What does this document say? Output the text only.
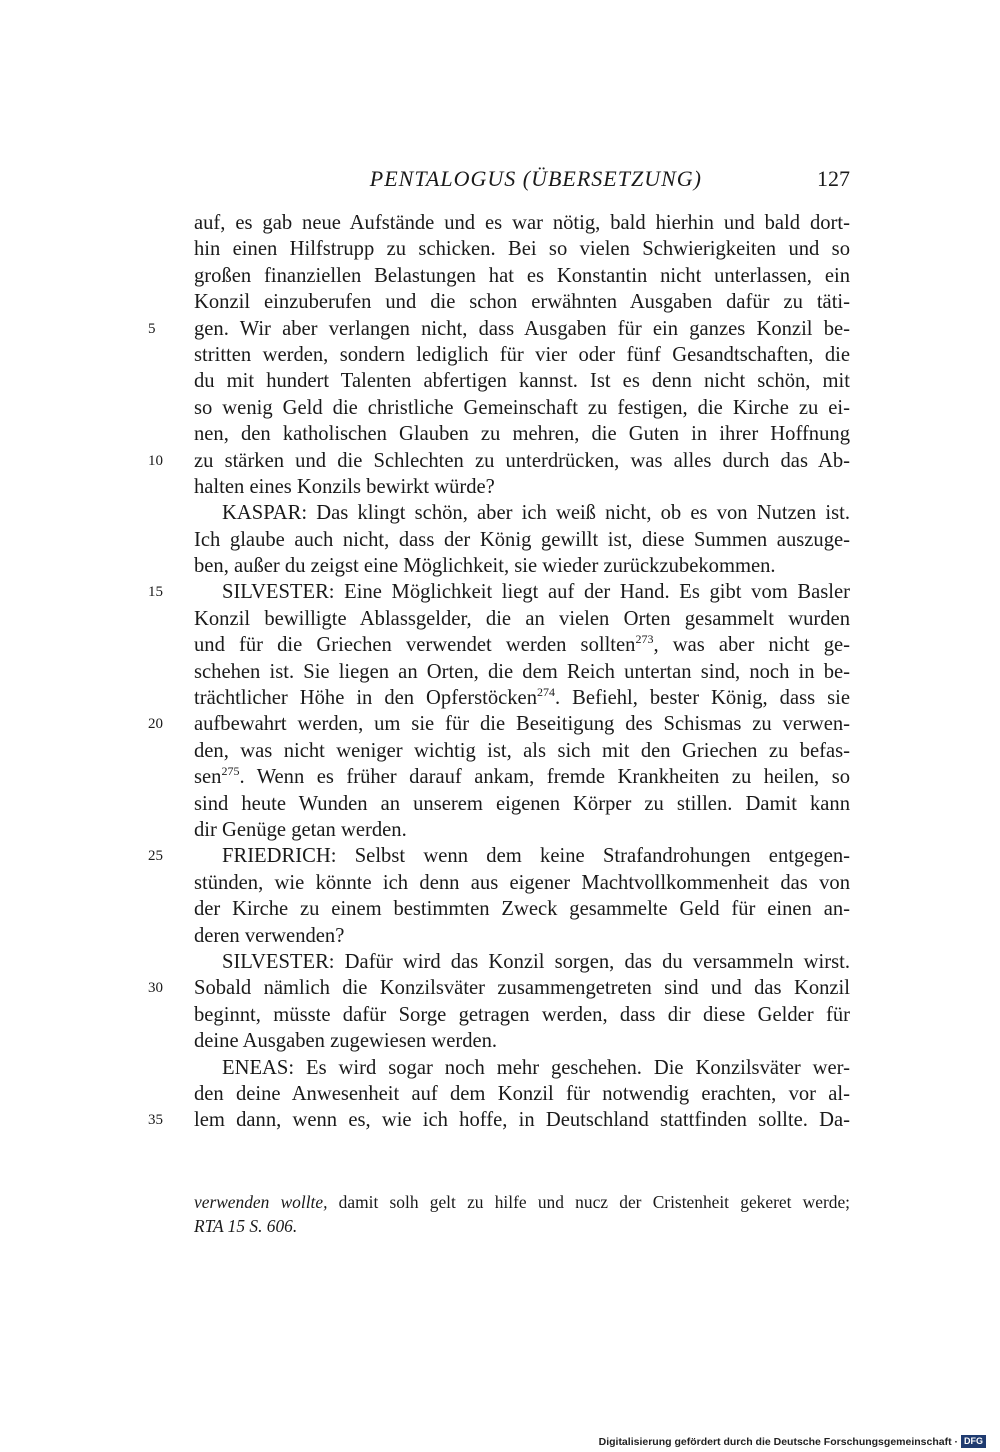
PENTALOGUS (ÜBERSETZUNG)	127
auf, es gab neue Aufstände und es war nötig, bald hierhin und bald dort-
hin einen Hilfstrupp zu schicken. Bei so vielen Schwierigkeiten und so
großen finanziellen Belastungen hat es Konstantin nicht unterlassen, ein
Konzil einzuberufen und die schon erwähnten Ausgaben dafür zu täti-
5	gen. Wir aber verlangen nicht, dass Ausgaben für ein ganzes Konzil be-
stritten werden, sondern lediglich für vier oder fünf Gesandtschaften, die
du mit hundert Talenten abfertigen kannst. Ist es denn nicht schön, mit
so wenig Geld die christliche Gemeinschaft zu festigen, die Kirche zu ei-
nen, den katholischen Glauben zu mehren, die Guten in ihrer Hoffnung
10	zu stärken und die Schlechten zu unterdrücken, was alles durch das Ab-
halten eines Konzils bewirkt würde?
KASPAR: Das klingt schön, aber ich weiß nicht, ob es von Nutzen ist.
Ich glaube auch nicht, dass der König gewillt ist, diese Summen auszuge-
ben, außer du zeigst eine Möglichkeit, sie wieder zurückzubekommen.
15	SILVESTER: Eine Möglichkeit liegt auf der Hand. Es gibt vom Basler
Konzil bewilligte Ablassgelder, die an vielen Orten gesammelt wurden
und für die Griechen verwendet werden sollten$^{273}$, was aber nicht ge-
schehen ist. Sie liegen an Orten, die dem Reich untertan sind, noch in be-
trächtlicher Höhe in den Opferstöcken$^{274}$. Befiehl, bester König, dass sie
20	aufbewahrt werden, um sie für die Beseitigung des Schismas zu verwen-
den, was nicht weniger wichtig ist, als sich mit den Griechen zu befas-
sen$^{275}$. Wenn es früher darauf ankam, fremde Krankheiten zu heilen, so
sind heute Wunden an unserem eigenen Körper zu stillen. Damit kann
dir Genüge getan werden.
25	FRIEDRICH: Selbst wenn dem keine Strafandrohungen entgegen-
stünden, wie könnte ich denn aus eigener Machtvollkommenheit das von
der Kirche zu einem bestimmten Zweck gesammelte Geld für einen an-
deren verwenden?
SILVESTER: Dafür wird das Konzil sorgen, das du versammeln wirst.
30	Sobald nämlich die Konzilsväter zusammengetreten sind und das Konzil
beginnt, müsste dafür Sorge getragen werden, dass dir diese Gelder für
deine Ausgaben zugewiesen werden.
ENEAS: Es wird sogar noch mehr geschehen. Die Konzilsväter wer-
den deine Anwesenheit auf dem Konzil für notwendig erachten, vor al-
35	lem dann, wenn es, wie ich hoffe, in Deutschland stattfinden sollte. Da-
verwenden wollte, damit solh gelt zu hilfe und nucz der Cristenheit gekeret werde;
RTA 15 S. 606.
Digitalisierung gefördert durch die Deutsche Forschungsgemeinschaft · DFG
